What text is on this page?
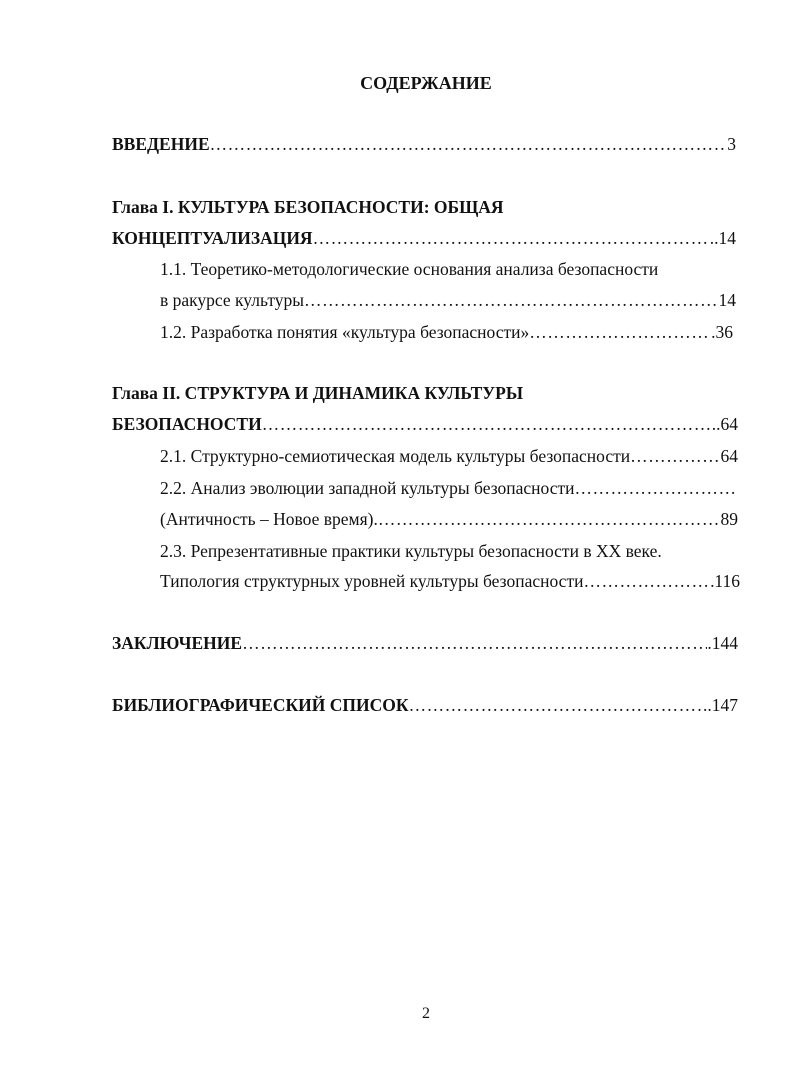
СОДЕРЖАНИЕ
ВВЕДЕНИЕ ……………………………………………………………………………………………………………………………………………………	3
Глава I. КУЛЬТУРА БЕЗОПАСНОСТИ: ОБЩАЯ
КОНЦЕПТУАЛИЗАЦИЯ ……………………………………………………………………………………………………………………………………………………	..14
1.1. Теоретико-методологические основания анализа безопасности
в ракурсе культуры ……………………………………………………………………………………………………………………………………………………	14
1.2. Разработка понятия «культура безопасности» ……………………………………………………………………………………………………………………………………………………	.36
Глава II. СТРУКТУРА И ДИНАМИКА КУЛЬТУРЫ
БЕЗОПАСНОСТИ ……………………………………………………………………………………………………………………………………………………	..64
2.1. Структурно-семиотическая модель культуры безопасности ……………………………………………………………………………………………………………………………………………………	64
2.2. Анализ эволюции западной культуры безопасности
……………………………………………………………………………………………………………………………………………………
(Античность – Новое время). ……………………………………………………………………………………………………………………………………………………	89
2.3. Репрезентативные практики культуры безопасности в XX веке.
Типология структурных уровней культуры безопасности ……………………………………………………………………………………………………………………………………………………	116
ЗАКЛЮЧЕНИЕ ……………………………………………………………………………………………………………………………………………………	.144
БИБЛИОГРАФИЧЕСКИЙ СПИСОК ……………………………………………………………………………………………………………………………………………………	..147
2
